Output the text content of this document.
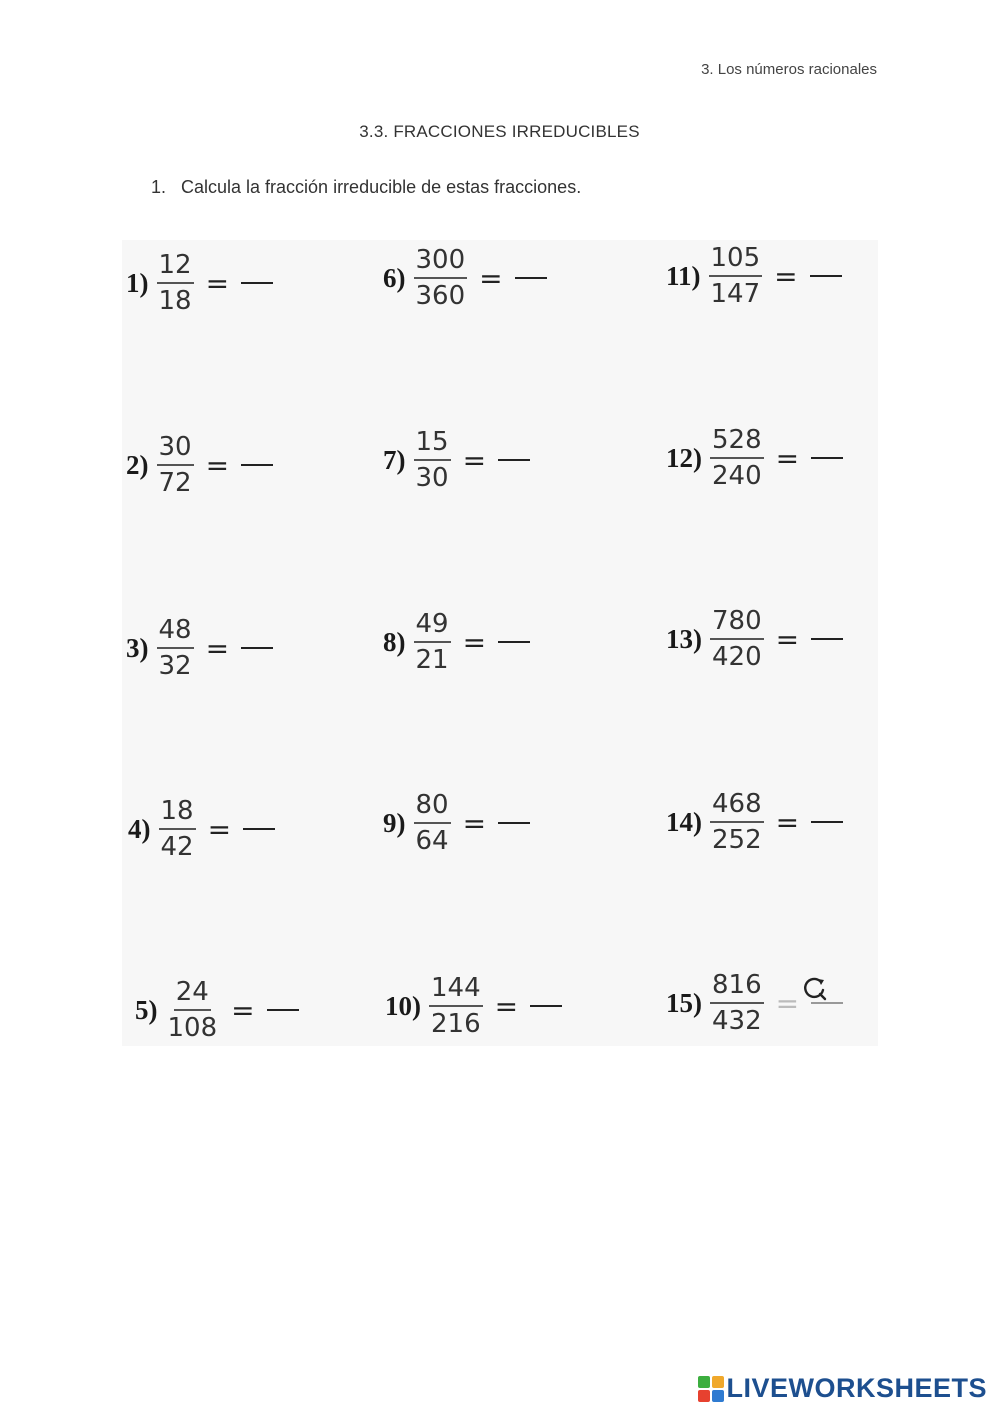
3. Los números racionales
3.3. FRACCIONES IRREDUCIBLES
1. Calcula la fracción irreducible de estas fracciones.
$1) \frac{12}{18}$ =
$2) \frac{30}{72}$ =
$3) \frac{48}{32}$ =
$4) \frac{18}{42}$ =
$5) \frac{24}{108}$ =
$6) \frac{300}{360}$ =
$7) \frac{15}{30}$ =
$8) \frac{49}{21}$ =
$9) \frac{80}{64}$ =
$10) \frac{144}{216}$ =
$11) \frac{105}{147}$ =
$12) \frac{528}{240}$ =
$13) \frac{780}{420}$ =
$14) \frac{468}{252}$ =
$15) \frac{816}{432}$ =
LIVEWORKSHEETS
